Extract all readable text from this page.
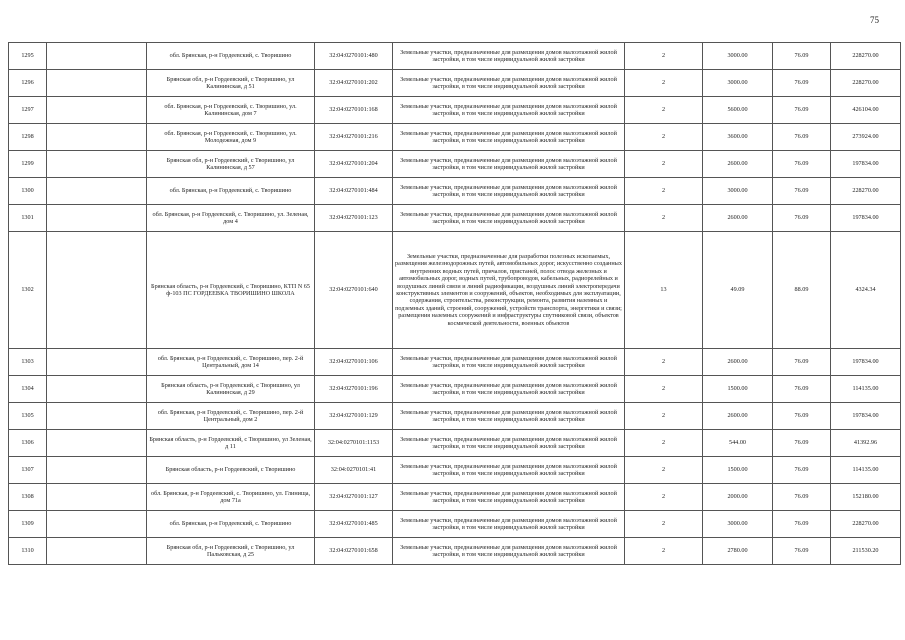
75
1295		обл. Брянская, р-н Гордеевский, с. Творишино	32:04:0270101:480	Земельные участки, предназначенные для размещения домов малоэтажной жилой застройки, в том числе индивидуальной жилой застройки	2	3000.00	76.09	228270.00
1296		Брянская обл, р-н Гордеевский, с Творишино, ул Калининская, д 51	32:04:0270101:202	Земельные участки, предназначенные для размещения домов малоэтажной жилой застройки, в том числе индивидуальной жилой застройки	2	3000.00	76.09	228270.00
1297		обл. Брянская, р-н Гордеевский, с. Творишино, ул. Калининская, дом 7	32:04:0270101:168	Земельные участки, предназначенные для размещения домов малоэтажной жилой застройки, в том числе индивидуальной жилой застройки	2	5600.00	76.09	426104.00
1298		обл. Брянская, р-н Гордеевский, с. Творишино, ул. Молодежная, дом 9	32:04:0270101:216	Земельные участки, предназначенные для размещения домов малоэтажной жилой застройки, в том числе индивидуальной жилой застройки	2	3600.00	76.09	273924.00
1299		Брянская обл, р-н Гордеевский, с Творишино, ул Калининская, д 57	32:04:0270101:204	Земельные участки, предназначенные для размещения домов малоэтажной жилой застройки, в том числе индивидуальной жилой застройки	2	2600.00	76.09	197834.00
1300		обл. Брянская, р-н Гордеевский, с. Творишино	32:04:0270101:484	Земельные участки, предназначенные для размещения домов малоэтажной жилой застройки, в том числе индивидуальной жилой застройки	2	3000.00	76.09	228270.00
1301		обл. Брянская, р-н Гордеевский, с. Творишино, ул. Зеленая, дом 4	32:04:0270101:123	Земельные участки, предназначенные для размещения домов малоэтажной жилой застройки, в том числе индивидуальной жилой застройки	2	2600.00	76.09	197834.00
1302		Брянская область, р-н Гордеевский, с Творишино, КТП N 65 ф-103 ПС ГОРДЕЕВКА ТВОРИШИНО ШКОЛА	32:04:0270101:640	Земельные участки, предназначенные для разработки полезных ископаемых, размещения железнодорожных путей, автомобильных дорог, искусственно созданных внутренних водных путей, причалов, пристаней, полос отвода железных и автомобильных дорог, водных путей, трубопроводов, кабельных, радиорелейных и воздушных линий связи и линий радиофикации, воздушных линий электропередачи конструктивных элементов и сооружений, объектов, необходимых для эксплуатации, содержания, строительства, реконструкции, ремонта, развития наземных и подземных зданий, строений, сооружений, устройств транспорта, энергетики и связи; размещения наземных сооружений и инфраструктуры спутниковой связи, объектов космической деятельности, военных объектов	13	49.09	88.09	4324.34
1303		обл. Брянская, р-н Гордеевский, с. Творишино, пер. 2-й Центральный, дом 14	32:04:0270101:106	Земельные участки, предназначенные для размещения домов малоэтажной жилой застройки, в том числе индивидуальной жилой застройки	2	2600.00	76.09	197834.00
1304		Брянская область, р-н Гордеевский, с Творишино, ул Калининская, д 29	32:04:0270101:196	Земельные участки, предназначенные для размещения домов малоэтажной жилой застройки, в том числе индивидуальной жилой застройки	2	1500.00	76.09	114135.00
1305		обл. Брянская, р-н Гордеевский, с. Творишино, пер. 2-й Центральный, дом 2	32:04:0270101:129	Земельные участки, предназначенные для размещения домов малоэтажной жилой застройки, в том числе индивидуальной жилой застройки	2	2600.00	76.09	197834.00
1306		Брянская область, р-н Гордеевский, с Творишино, ул Зеленая, д 11	32:04:0270101:1153	Земельные участки, предназначенные для размещения домов малоэтажной жилой застройки, в том числе индивидуальной жилой застройки	2	544.00	76.09	41392.96
1307		Брянская область, р-н Гордеевский, с Творишино	32:04:0270101:41	Земельные участки, предназначенные для размещения домов малоэтажной жилой застройки, в том числе индивидуальной жилой застройки	2	1500.00	76.09	114135.00
1308		обл. Брянская, р-н Гордеевский, с. Творишино, ул. Глинища, дом 71а	32:04:0270101:127	Земельные участки, предназначенные для размещения домов малоэтажной жилой застройки, в том числе индивидуальной жилой застройки	2	2000.00	76.09	152180.00
1309		обл. Брянская, р-н Гордеевский, с. Творишино	32:04:0270101:485	Земельные участки, предназначенные для размещения домов малоэтажной жилой застройки, в том числе индивидуальной жилой застройки	2	3000.00	76.09	228270.00
1310		Брянская обл, р-н Гордеевский, с Творишино, ул Пальковская, д 25	32:04:0270101:658	Земельные участки, предназначенные для размещения домов малоэтажной жилой застройки, в том числе индивидуальной жилой застройки	2	2780.00	76.09	211530.20
